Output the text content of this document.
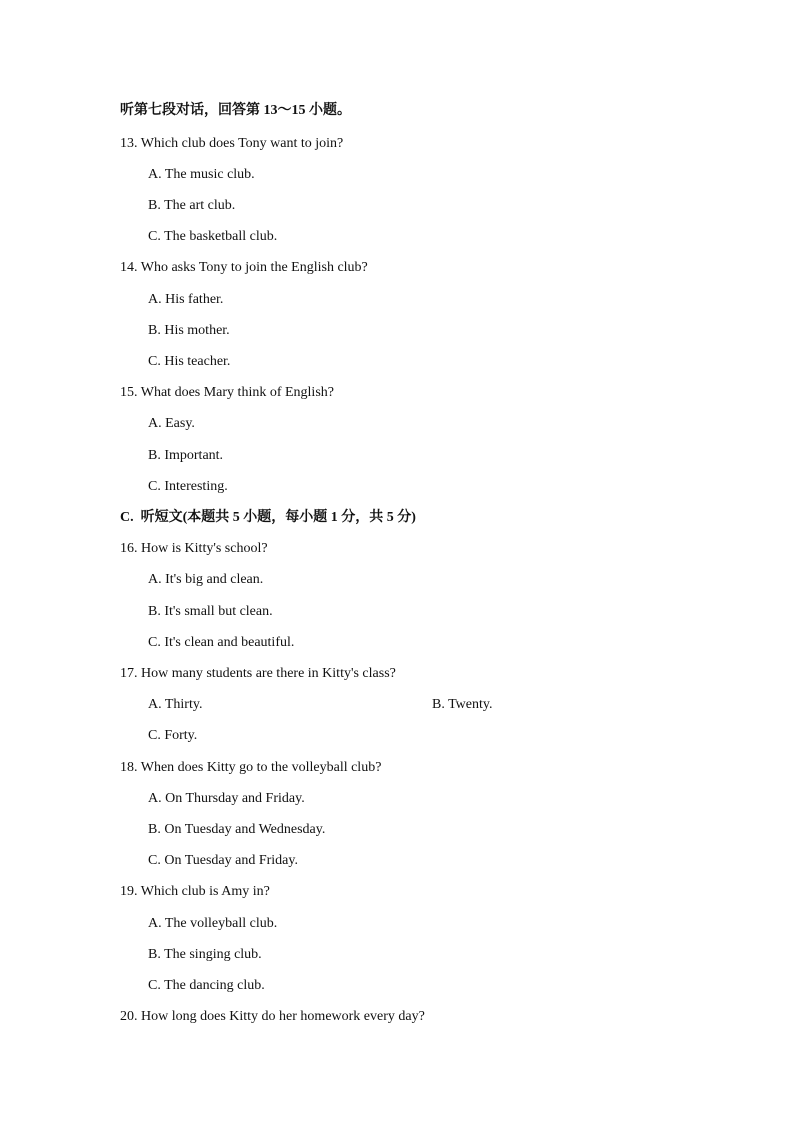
听第七段对话，回答第 13～15 小题。
13. Which club does Tony want to join?
A. The music club.
B. The art club.
C. The basketball club.
14. Who asks Tony to join the English club?
A. His father.
B. His mother.
C. His teacher.
15. What does Mary think of English?
A. Easy.
B. Important.
C. Interesting.
C.  听短文(本题共 5 小题，每小题 1 分，共 5 分)
16. How is Kitty's school?
A. It's big and clean.
B. It's small but clean.
C. It's clean and beautiful.
17. How many students are there in Kitty's class?
A. Thirty.	B. Twenty.
C. Forty.
18. When does Kitty go to the volleyball club?
A. On Thursday and Friday.
B. On Tuesday and Wednesday.
C. On Tuesday and Friday.
19. Which club is Amy in?
A. The volleyball club.
B. The singing club.
C. The dancing club.
20. How long does Kitty do her homework every day?
